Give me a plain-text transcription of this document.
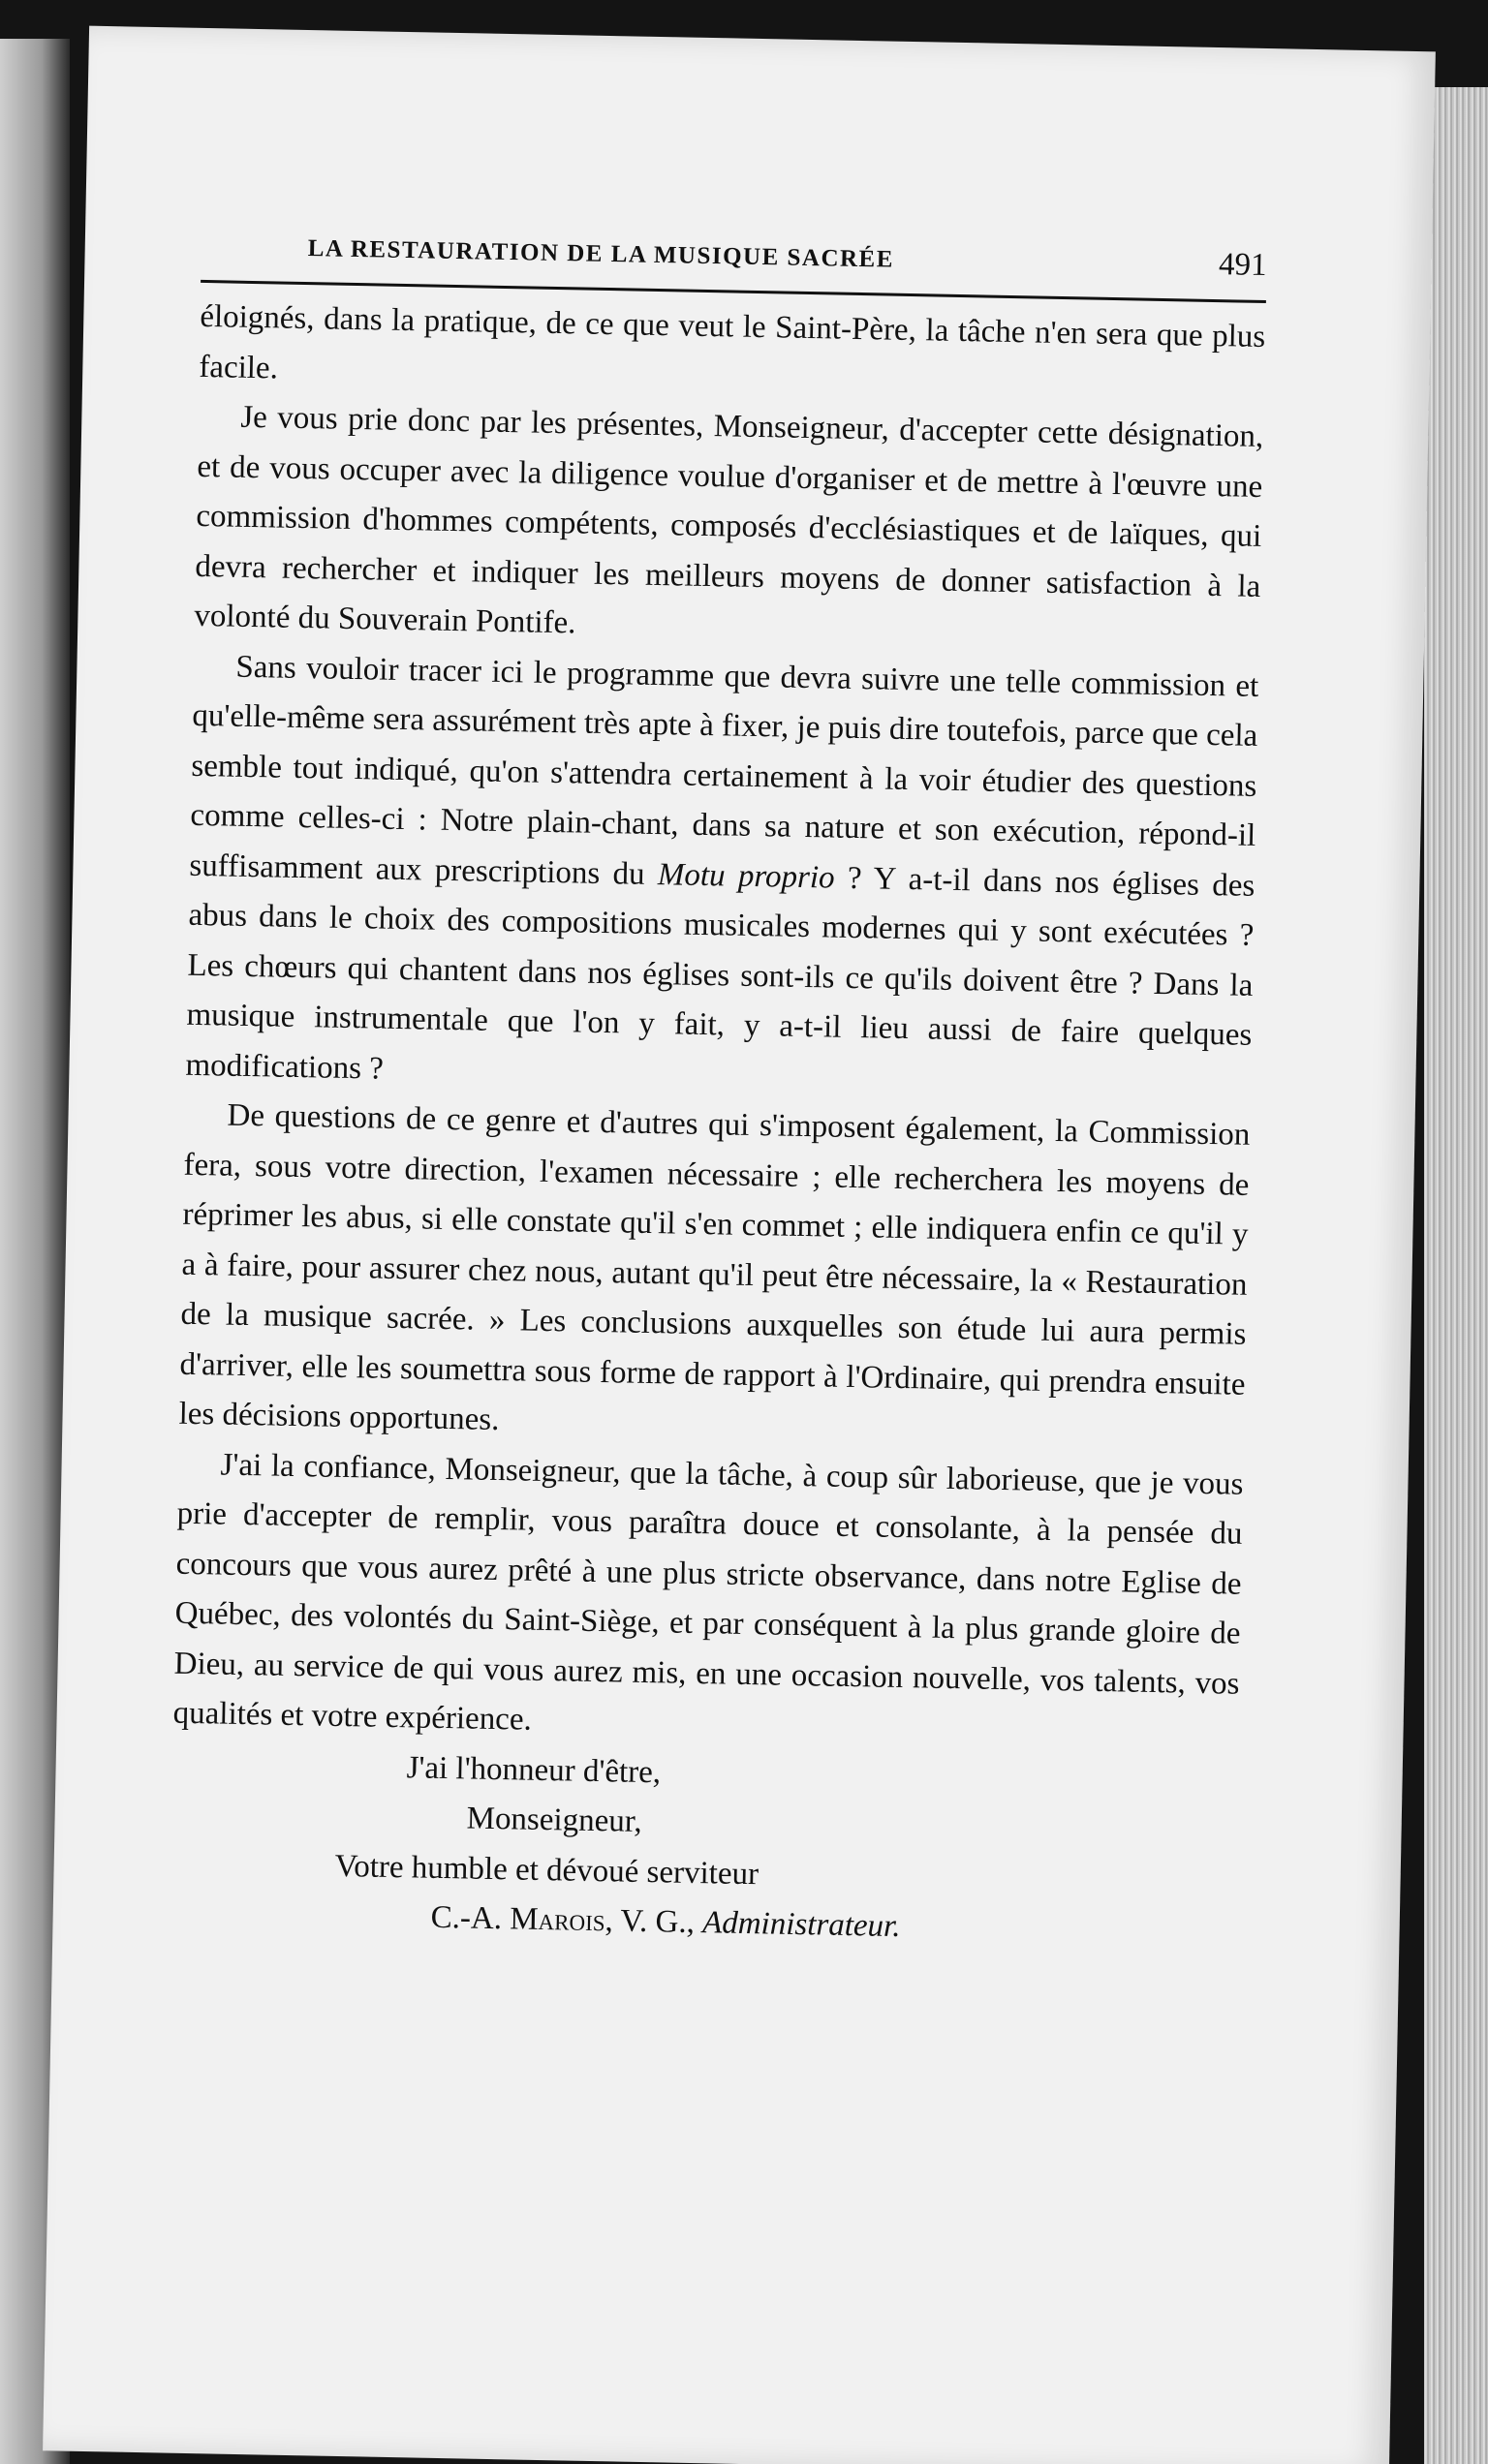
LA RESTAURATION DE LA MUSIQUE SACRÉE	491

éloignés, dans la pratique, de ce que veut le Saint-Père, la tâche n'en sera que plus facile.

Je vous prie donc par les présentes, Monseigneur, d'accepter cette désignation, et de vous occuper avec la diligence voulue d'organiser et de mettre à l'œuvre une commission d'hommes compétents, composés d'ecclésiastiques et de laïques, qui devra rechercher et indiquer les meilleurs moyens de donner satisfaction à la volonté du Souverain Pontife.

Sans vouloir tracer ici le programme que devra suivre une telle commission et qu'elle-même sera assurément très apte à fixer, je puis dire toutefois, parce que cela semble tout indiqué, qu'on s'attendra certainement à la voir étudier des questions comme celles-ci : Notre plain-chant, dans sa nature et son exécution, répond-il suffisamment aux prescriptions du Motu proprio ? Y a-t-il dans nos églises des abus dans le choix des compositions musicales modernes qui y sont exécutées ? Les chœurs qui chantent dans nos églises sont-ils ce qu'ils doivent être ? Dans la musique instrumentale que l'on y fait, y a-t-il lieu aussi de faire quelques modifications ?

De questions de ce genre et d'autres qui s'imposent également, la Commission fera, sous votre direction, l'examen nécessaire ; elle recherchera les moyens de réprimer les abus, si elle constate qu'il s'en commet ; elle indiquera enfin ce qu'il y a à faire, pour assurer chez nous, autant qu'il peut être nécessaire, la « Restauration de la musique sacrée. » Les conclusions auxquelles son étude lui aura permis d'arriver, elle les soumettra sous forme de rapport à l'Ordinaire, qui prendra ensuite les décisions opportunes.

J'ai la confiance, Monseigneur, que la tâche, à coup sûr laborieuse, que je vous prie d'accepter de remplir, vous paraîtra douce et consolante, à la pensée du concours que vous aurez prêté à une plus stricte observance, dans notre Eglise de Québec, des volontés du Saint-Siège, et par conséquent à la plus grande gloire de Dieu, au service de qui vous aurez mis, en une occasion nouvelle, vos talents, vos qualités et votre expérience.

J'ai l'honneur d'être,
Monseigneur,
Votre humble et dévoué serviteur
C.-A. Marois, V. G., Administrateur.
